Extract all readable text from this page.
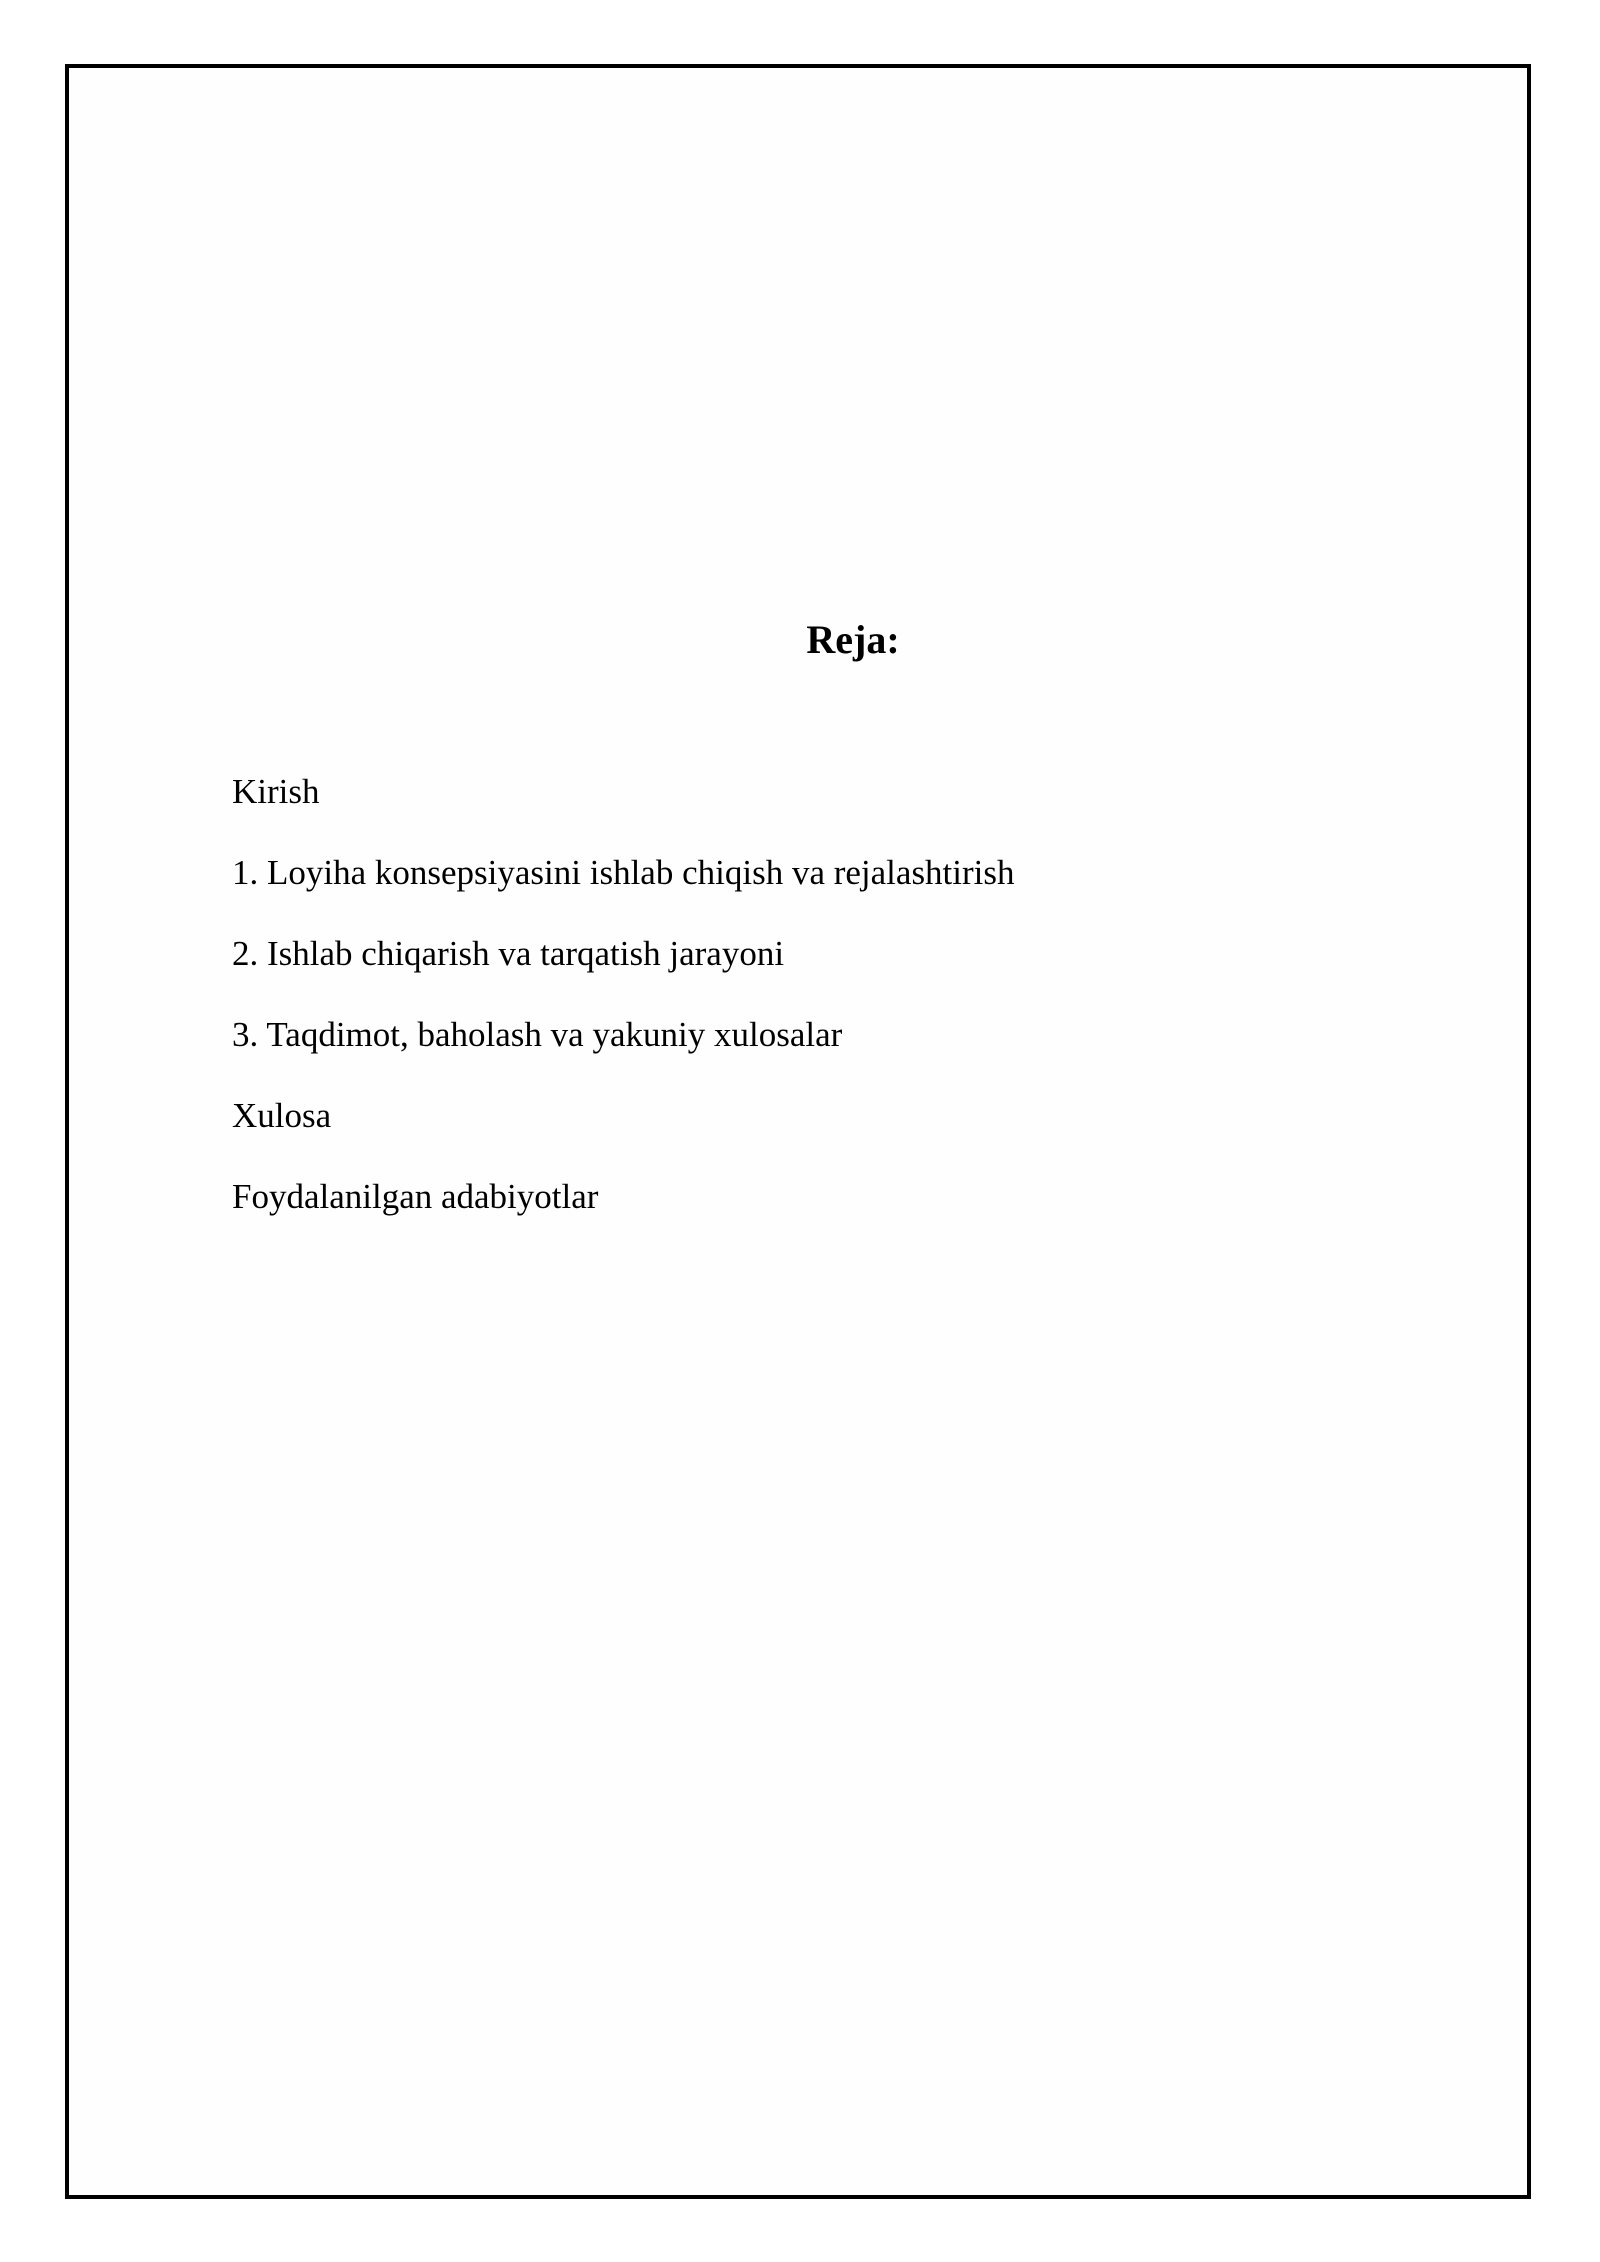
Reja:
Kirish
1. Loyiha konsepsiyasini ishlab chiqish va rejalashtirish
2. Ishlab chiqarish va tarqatish jarayoni
3. Taqdimot, baholash va yakuniy xulosalar
Xulosa
Foydalanilgan adabiyotlar
